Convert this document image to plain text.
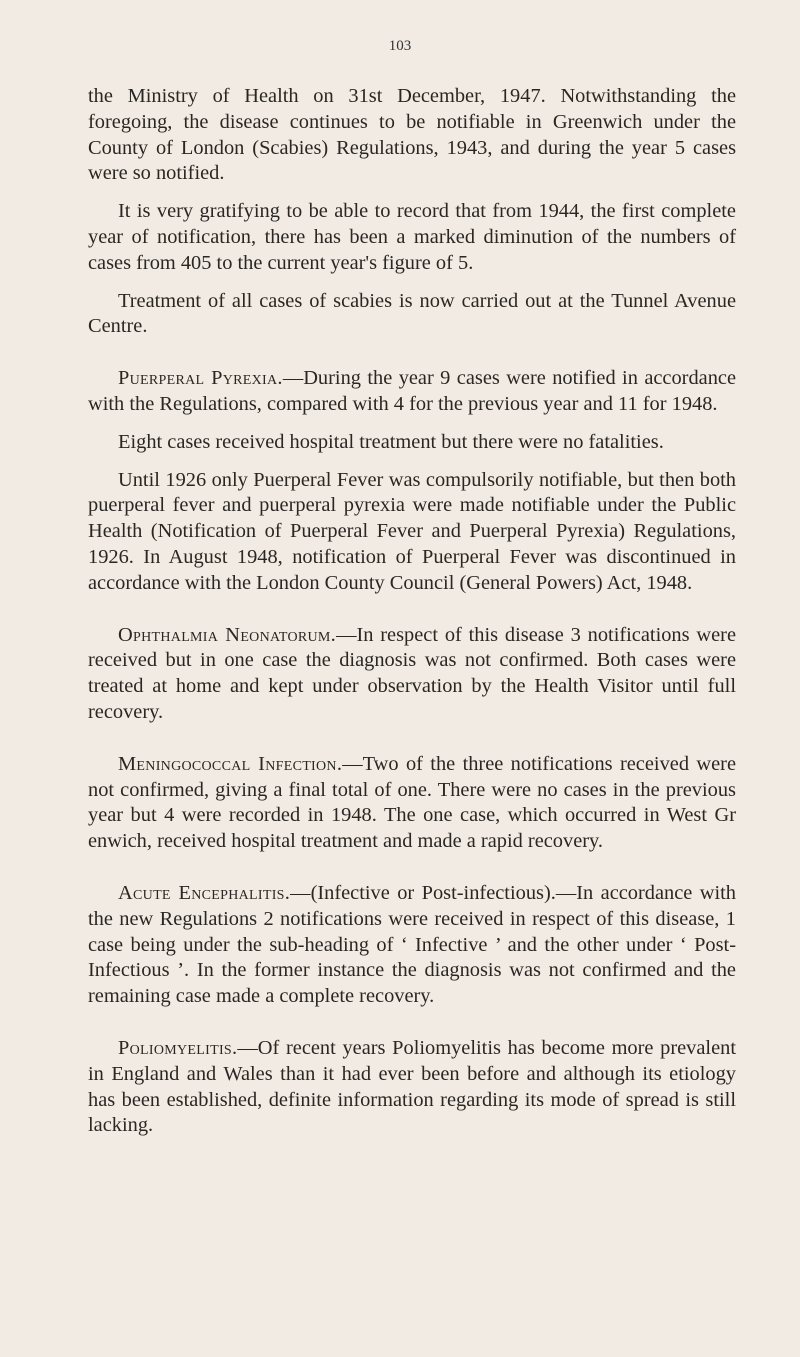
103

the Ministry of Health on 31st December, 1947. Notwithstanding the foregoing, the disease continues to be notifiable in Greenwich under the County of London (Scabies) Regulations, 1943, and during the year 5 cases were so notified.

It is very gratifying to be able to record that from 1944, the first complete year of notification, there has been a marked diminution of the numbers of cases from 405 to the current year's figure of 5.

Treatment of all cases of scabies is now carried out at the Tunnel Avenue Centre.

Puerperal Pyrexia.—During the year 9 cases were notified in accordance with the Regulations, compared with 4 for the previous year and 11 for 1948.

Eight cases received hospital treatment but there were no fatalities.

Until 1926 only Puerperal Fever was compulsorily notifiable, but then both puerperal fever and puerperal pyrexia were made notifiable under the Public Health (Notification of Puerperal Fever and Puerperal Pyrexia) Regulations, 1926. In August 1948, notification of Puerperal Fever was discontinued in accordance with the London County Council (General Powers) Act, 1948.

Ophthalmia Neonatorum.—In respect of this disease 3 notifications were received but in one case the diagnosis was not confirmed. Both cases were treated at home and kept under observation by the Health Visitor until full recovery.

Meningococcal Infection.—Two of the three notifications received were not confirmed, giving a final total of one. There were no cases in the previous year but 4 were recorded in 1948. The one case, which occurred in West Gr enwich, received hospital treatment and made a rapid recovery.

Acute Encephalitis.—(Infective or Post-infectious).—In accordance with the new Regulations 2 notifications were received in respect of this disease, 1 case being under the sub-heading of ‘ Infective ’ and the other under ‘ Post-Infectious ’. In the former instance the diagnosis was not confirmed and the remaining case made a complete recovery.

Poliomyelitis.—Of recent years Poliomyelitis has become more prevalent in England and Wales than it had ever been before and although its etiology has been established, definite information regarding its mode of spread is still lacking.
